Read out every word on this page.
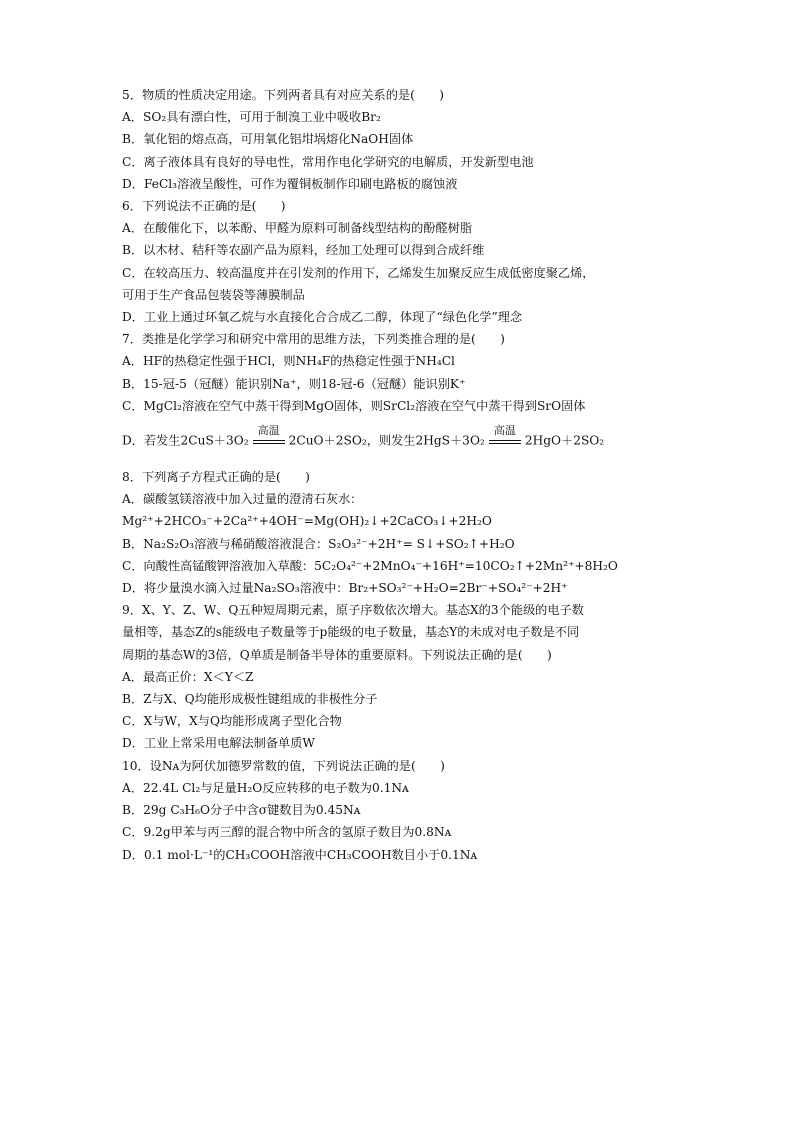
5．物质的性质决定用途。下列两者具有对应关系的是(　　)
A．SO₂具有漂白性，可用于制溴工业中吸收Br₂
B．氧化铝的熔点高，可用氧化铝坩埚熔化NaOH固体
C．离子液体具有良好的导电性，常用作电化学研究的电解质，开发新型电池
D．FeCl₃溶液呈酸性，可作为覆铜板制作印刷电路板的腐蚀液
6．下列说法不正确的是(　　)
A．在酸催化下，以苯酚、甲醛为原料可制备线型结构的酚醛树脂
B．以木材、秸秆等农副产品为原料，经加工处理可以得到合成纤维
C．在较高压力、较高温度并在引发剂的作用下，乙烯发生加聚反应生成低密度聚乙烯，
可用于生产食品包装袋等薄膜制品
D．工业上通过环氧乙烷与水直接化合合成乙二醇，体现了“绿色化学”理念
7．类推是化学学习和研究中常用的思维方法，下列类推合理的是(　　)
A．HF的热稳定性强于HCl，则NH₄F的热稳定性强于NH₄Cl
B．15-冠-5（冠醚）能识别Na⁺，则18-冠-6（冠醚）能识别K⁺
C．MgCl₂溶液在空气中蒸干得到MgO固体，则SrCl₂溶液在空气中蒸干得到SrO固体
D．若发生2CuS＋3O₂
高温
2CuO＋2SO₂，则发生2HgS＋3O₂
高温
2HgO＋2SO₂
8．下列离子方程式正确的是(　　)
A．碳酸氢镁溶液中加入过量的澄清石灰水：
Mg²⁺+2HCO₃⁻+2Ca²⁺+4OH⁻=Mg(OH)₂↓+2CaCO₃↓+2H₂O
B．Na₂S₂O₃溶液与稀硝酸溶液混合：S₂O₃²⁻+2H⁺= S↓+SO₂↑+H₂O
C．向酸性高锰酸钾溶液加入草酸：5C₂O₄²⁻+2MnO₄⁻+16H⁺=10CO₂↑+2Mn²⁺+8H₂O
D．将少量溴水滴入过量Na₂SO₃溶液中：Br₂+SO₃²⁻+H₂O=2Br⁻+SO₄²⁻+2H⁺
9．X、Y、Z、W、Q五种短周期元素，原子序数依次增大。基态X的3个能级的电子数
量相等，基态Z的s能级电子数量等于p能级的电子数量，基态Y的未成对电子数是不同
周期的基态W的3倍，Q单质是制备半导体的重要原料。下列说法正确的是(　　)
A．最高正价：X＜Y＜Z
B．Z与X、Q均能形成极性键组成的非极性分子
C．X与W，X与Q均能形成离子型化合物
D．工业上常采用电解法制备单质W
10．设Nᴀ为阿伏加德罗常数的值，下列说法正确的是(　　)
A．22.4L Cl₂与足量H₂O反应转移的电子数为0.1Nᴀ
B．29g C₃H₆O分子中含σ键数目为0.45Nᴀ
C．9.2g甲苯与丙三醇的混合物中所含的氢原子数目为0.8Nᴀ
D．0.1 mol·L⁻¹的CH₃COOH溶液中CH₃COOH数目小于0.1Nᴀ
